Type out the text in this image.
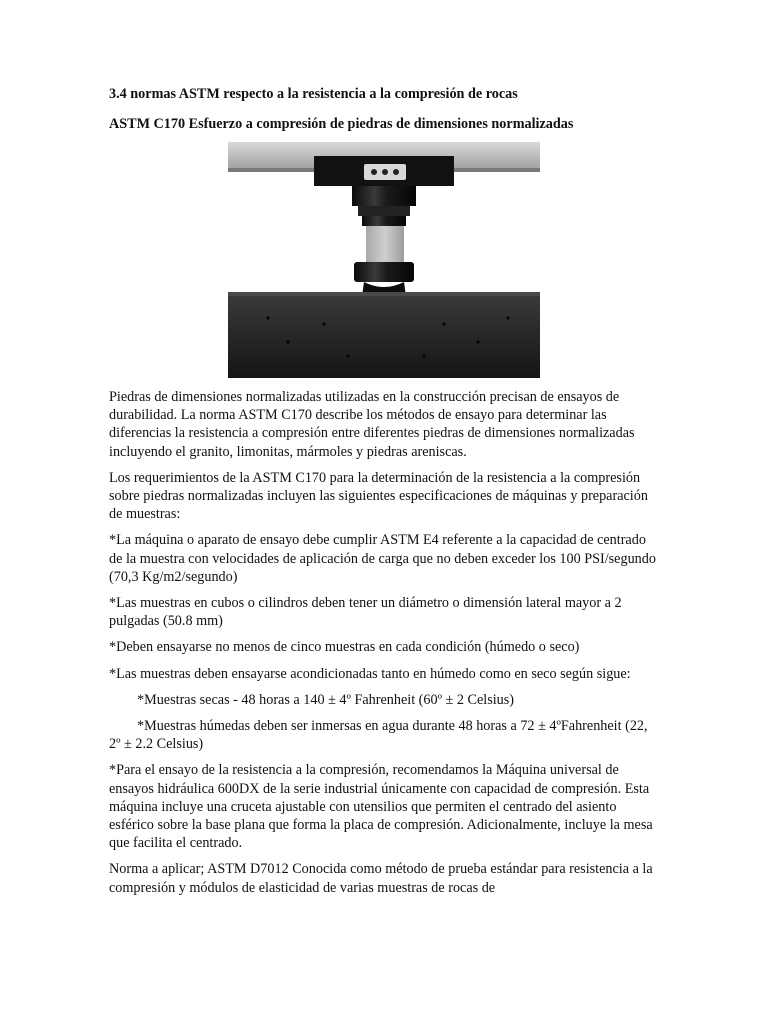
3.4 normas ASTM respecto a la resistencia a la compresión de rocas
ASTM C170 Esfuerzo a compresión de piedras de dimensiones normalizadas

Piedras de dimensiones normalizadas utilizadas en la construcción precisan de ensayos de durabilidad. La norma ASTM C170 describe los métodos de ensayo para determinar las diferencias la resistencia a compresión entre diferentes piedras de dimensiones normalizadas incluyendo el granito, limonitas, mármoles y piedras areniscas.

Los requerimientos de la ASTM C170 para la determinación de la resistencia a la compresión sobre piedras normalizadas incluyen las siguientes especificaciones de máquinas y preparación de muestras:

*La máquina o aparato de ensayo debe cumplir ASTM E4 referente a la capacidad de centrado de la muestra con velocidades de aplicación de carga que no deben exceder los 100 PSI/segundo (70,3 Kg/m2/segundo)

*Las muestras en cubos o cilindros deben tener un diámetro o dimensión lateral mayor a 2 pulgadas (50.8 mm)

*Deben ensayarse no menos de cinco muestras en cada condición (húmedo o seco)

*Las muestras deben ensayarse acondicionadas tanto en húmedo como en seco según sigue:

*Muestras secas - 48 horas a 140 ± 4º Fahrenheit (60º ± 2 Celsius)

*Muestras húmedas deben ser inmersas en agua durante 48 horas a 72 ± 4ºFahrenheit (22, 2º ± 2.2 Celsius)

*Para el ensayo de la resistencia a la compresión, recomendamos la Máquina universal de ensayos hidráulica 600DX de la serie industrial únicamente con capacidad de compresión. Esta máquina incluye una cruceta ajustable con utensilios que permiten el centrado del asiento esférico sobre la base plana que forma la placa de compresión. Adicionalmente, incluye la mesa que facilita el centrado.

Norma a aplicar; ASTM D7012 Conocida como método de prueba estándar para resistencia a la compresión y módulos de elasticidad de varias muestras de rocas de
